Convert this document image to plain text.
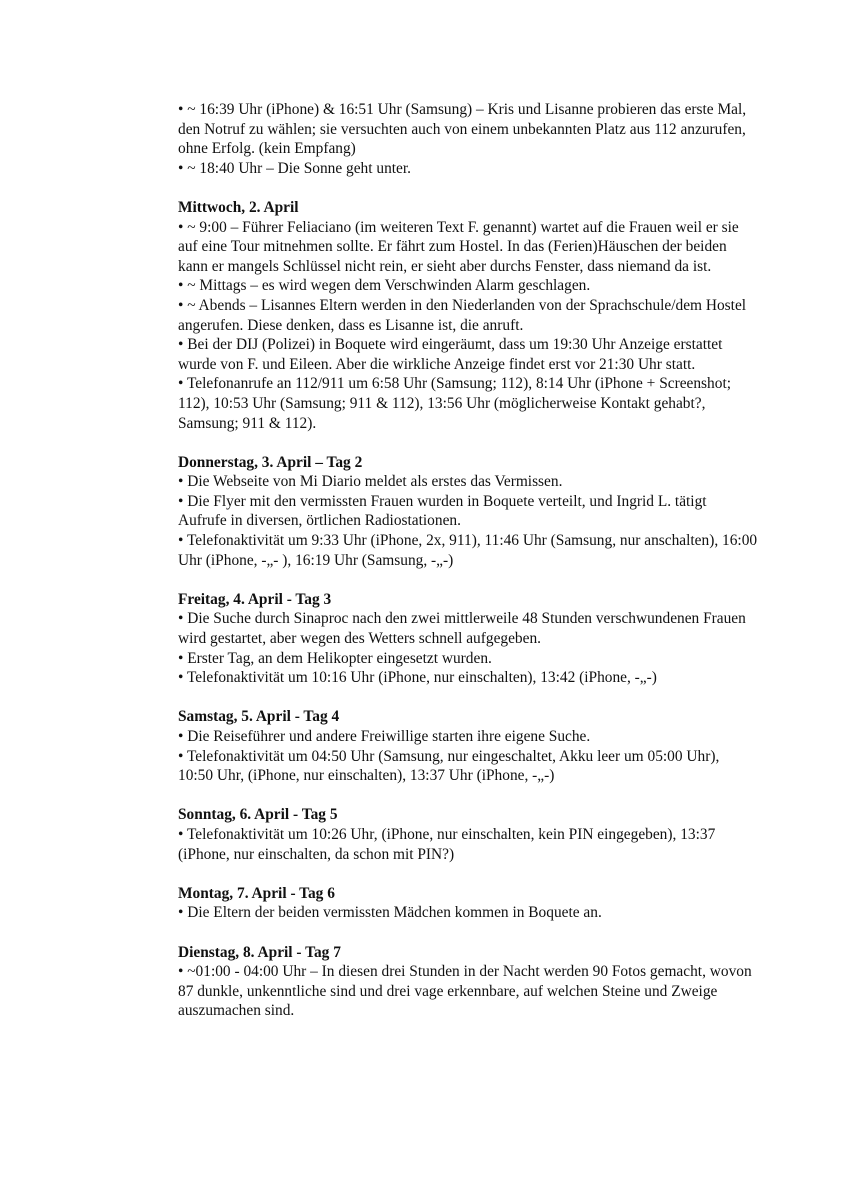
• ~ 16:39 Uhr (iPhone) & 16:51 Uhr (Samsung) – Kris und Lisanne probieren das erste Mal, den Notruf zu wählen; sie versuchten auch von einem unbekannten Platz aus 112 anzurufen, ohne Erfolg. (kein Empfang)

• ~ 18:40 Uhr – Die Sonne geht unter.

Mittwoch, 2. April

• ~ 9:00 – Führer Feliaciano (im weiteren Text F. genannt) wartet auf die Frauen weil er sie auf eine Tour mitnehmen sollte. Er fährt zum Hostel. In das (Ferien)Häuschen der beiden kann er mangels Schlüssel nicht rein, er sieht aber durchs Fenster, dass niemand da ist.

• ~ Mittags – es wird wegen dem Verschwinden Alarm geschlagen.

• ~ Abends – Lisannes Eltern werden in den Niederlanden von der Sprachschule/dem Hostel angerufen. Diese denken, dass es Lisanne ist, die anruft.

• Bei der DIJ (Polizei) in Boquete wird eingeräumt, dass um 19:30 Uhr Anzeige erstattet wurde von F. und Eileen. Aber die wirkliche Anzeige findet erst vor 21:30 Uhr statt.

• Telefonanrufe an 112/911 um 6:58 Uhr (Samsung; 112), 8:14 Uhr (iPhone + Screenshot; 112), 10:53 Uhr (Samsung; 911 & 112), 13:56 Uhr (möglicherweise Kontakt gehabt?, Samsung; 911 & 112).

Donnerstag, 3. April – Tag 2

• Die Webseite von Mi Diario meldet als erstes das Vermissen.

• Die Flyer mit den vermissten Frauen wurden in Boquete verteilt, und Ingrid L. tätigt Aufrufe in diversen, örtlichen Radiostationen.

• Telefonaktivität um 9:33 Uhr (iPhone, 2x, 911), 11:46 Uhr (Samsung, nur anschalten), 16:00 Uhr (iPhone, -„- ), 16:19 Uhr (Samsung, -„-)

Freitag, 4. April - Tag 3

• Die Suche durch Sinaproc nach den zwei mittlerweile 48 Stunden verschwundenen Frauen wird gestartet, aber wegen des Wetters schnell aufgegeben.

• Erster Tag, an dem Helikopter eingesetzt wurden.

• Telefonaktivität um 10:16 Uhr (iPhone, nur einschalten), 13:42 (iPhone, -„-)

Samstag, 5. April - Tag 4

• Die Reiseführer und andere Freiwillige starten ihre eigene Suche.

• Telefonaktivität um 04:50 Uhr (Samsung, nur eingeschaltet, Akku leer um 05:00 Uhr), 10:50 Uhr, (iPhone, nur einschalten), 13:37 Uhr (iPhone, -„-)

Sonntag, 6. April - Tag 5

• Telefonaktivität um 10:26 Uhr, (iPhone, nur einschalten, kein PIN eingegeben), 13:37 (iPhone, nur einschalten, da schon mit PIN?)

Montag, 7. April - Tag 6

• Die Eltern der beiden vermissten Mädchen kommen in Boquete an.

Dienstag, 8. April - Tag 7

• ~01:00 - 04:00 Uhr – In diesen drei Stunden in der Nacht werden 90 Fotos gemacht, wovon 87 dunkle, unkenntliche sind und drei vage erkennbare, auf welchen Steine und Zweige auszumachen sind.
